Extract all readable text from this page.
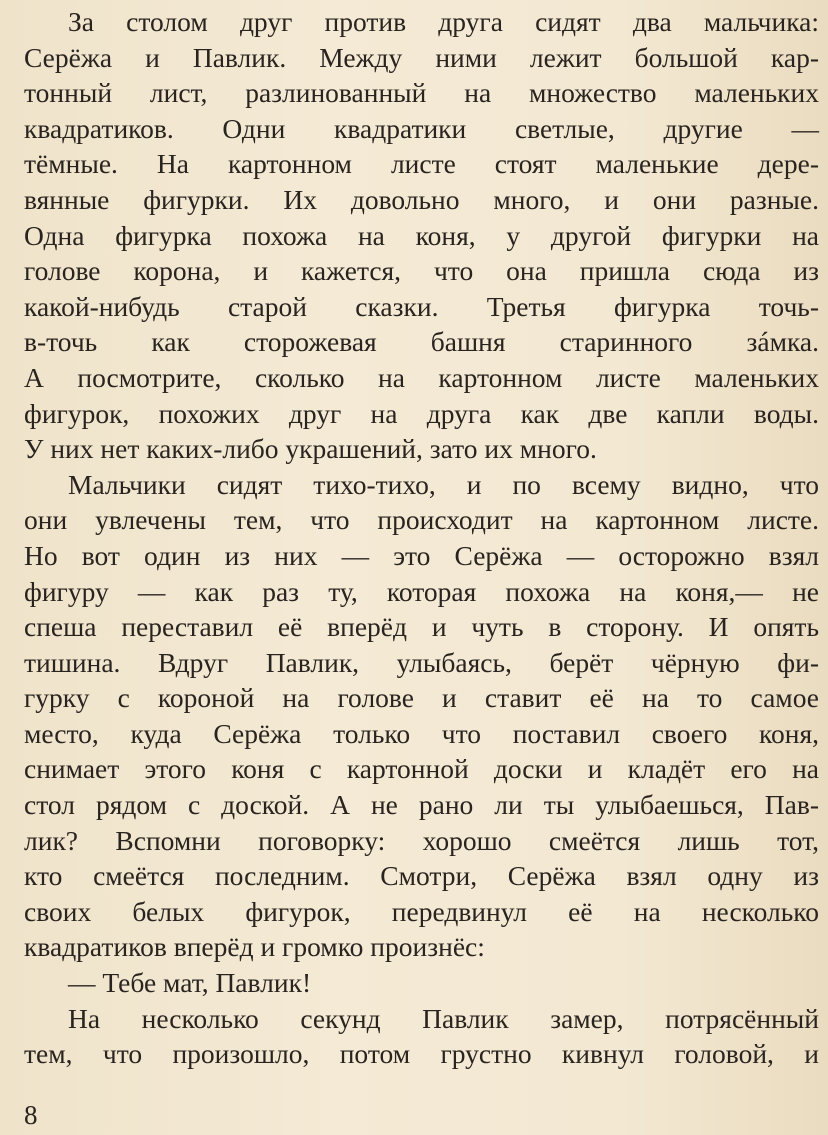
За столом друг против друга сидят два мальчика:
Серёжа и Павлик. Между ними лежит большой кар-
тонный лист, разлинованный на множество маленьких
квадратиков. Одни квадратики светлые, другие —
тёмные. На картонном листе стоят маленькие дере-
вянные фигурки. Их довольно много, и они разные.
Одна фигурка похожа на коня, у другой фигурки на
голове корона, и кажется, что она пришла сюда из
какой-нибудь старой сказки. Третья фигурка точь-
в-точь как сторожевая башня старинного зáмка.
А посмотрите, сколько на картонном листе маленьких
фигурок, похожих друг на друга как две капли воды.
У них нет каких-либо украшений, зато их много.
Мальчики сидят тихо-тихо, и по всему видно, что
они увлечены тем, что происходит на картонном листе.
Но вот один из них — это Серёжа — осторожно взял
фигуру — как раз ту, которая похожа на коня,— не
спеша переставил её вперёд и чуть в сторону. И опять
тишина. Вдруг Павлик, улыбаясь, берёт чёрную фи-
гурку с короной на голове и ставит её на то самое
место, куда Серёжа только что поставил своего коня,
снимает этого коня с картонной доски и кладёт его на
стол рядом с доской. А не рано ли ты улыбаешься, Пав-
лик? Вспомни поговорку: хорошо смеётся лишь тот,
кто смеётся последним. Смотри, Серёжа взял одну из
своих белых фигурок, передвинул её на несколько
квадратиков вперёд и громко произнёс:
— Тебе мат, Павлик!
На несколько секунд Павлик замер, потрясённый
тем, что произошло, потом грустно кивнул головой, и
8
